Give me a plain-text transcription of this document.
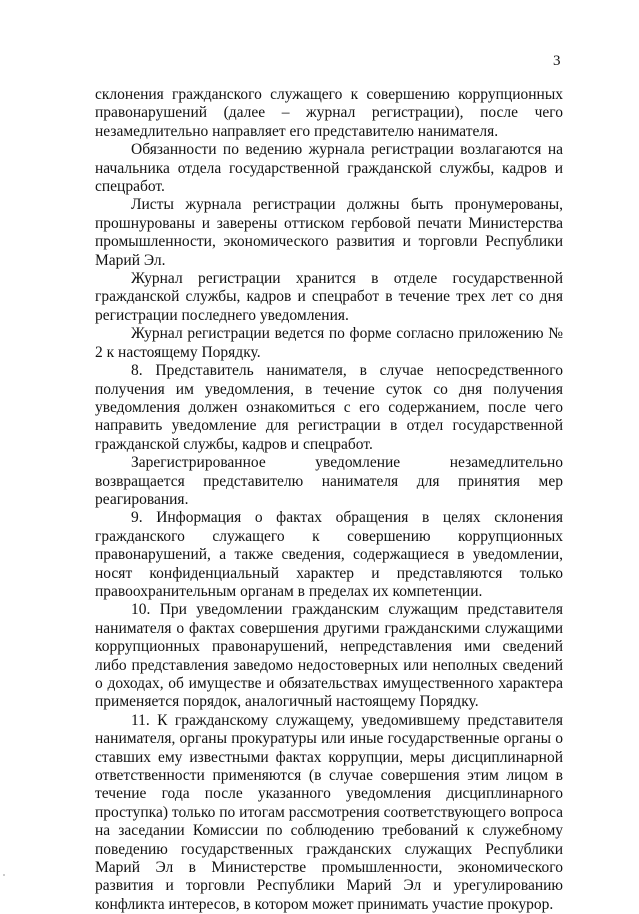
3

склонения гражданского служащего к совершению коррупционных правонарушений (далее – журнал регистрации), после чего незамедлительно направляет его представителю нанимателя.

Обязанности по ведению журнала регистрации возлагаются на начальника отдела государственной гражданской службы, кадров и спецработ.

Листы журнала регистрации должны быть пронумерованы, прошнурованы и заверены оттиском гербовой печати Министерства промышленности, экономического развития и торговли Республики Марий Эл.

Журнал регистрации хранится в отделе государственной гражданской службы, кадров и спецработ в течение трех лет со дня регистрации последнего уведомления.

Журнал регистрации ведется по форме согласно приложению № 2 к настоящему Порядку.

8. Представитель нанимателя, в случае непосредственного получения им уведомления, в течение суток со дня получения уведомления должен ознакомиться с его содержанием, после чего направить уведомление для регистрации в отдел государственной гражданской службы, кадров и спецработ.

Зарегистрированное уведомление незамедлительно возвращается представителю нанимателя для принятия мер реагирования.

9. Информация о фактах обращения в целях склонения гражданского служащего к совершению коррупционных правонарушений, а также сведения, содержащиеся в уведомлении, носят конфиденциальный характер и представляются только правоохранительным органам в пределах их компетенции.

10. При уведомлении гражданским служащим представителя нанимателя о фактах совершения другими гражданскими служащими коррупционных правонарушений, непредставления ими сведений либо представления заведомо недостоверных или неполных сведений о доходах, об имуществе и обязательствах имущественного характера применяется порядок, аналогичный настоящему Порядку.

11. К гражданскому служащему, уведомившему представителя нанимателя, органы прокуратуры или иные государственные органы о ставших ему известными фактах коррупции, меры дисциплинарной ответственности применяются (в случае совершения этим лицом в течение года после указанного уведомления дисциплинарного проступка) только по итогам рассмотрения соответствующего вопроса на заседании Комиссии по соблюдению требований к служебному поведению государственных гражданских служащих Республики Марий Эл в Министерстве промышленности, экономического развития и торговли Республики Марий Эл и урегулированию конфликта интересов, в котором может принимать участие прокурор.
